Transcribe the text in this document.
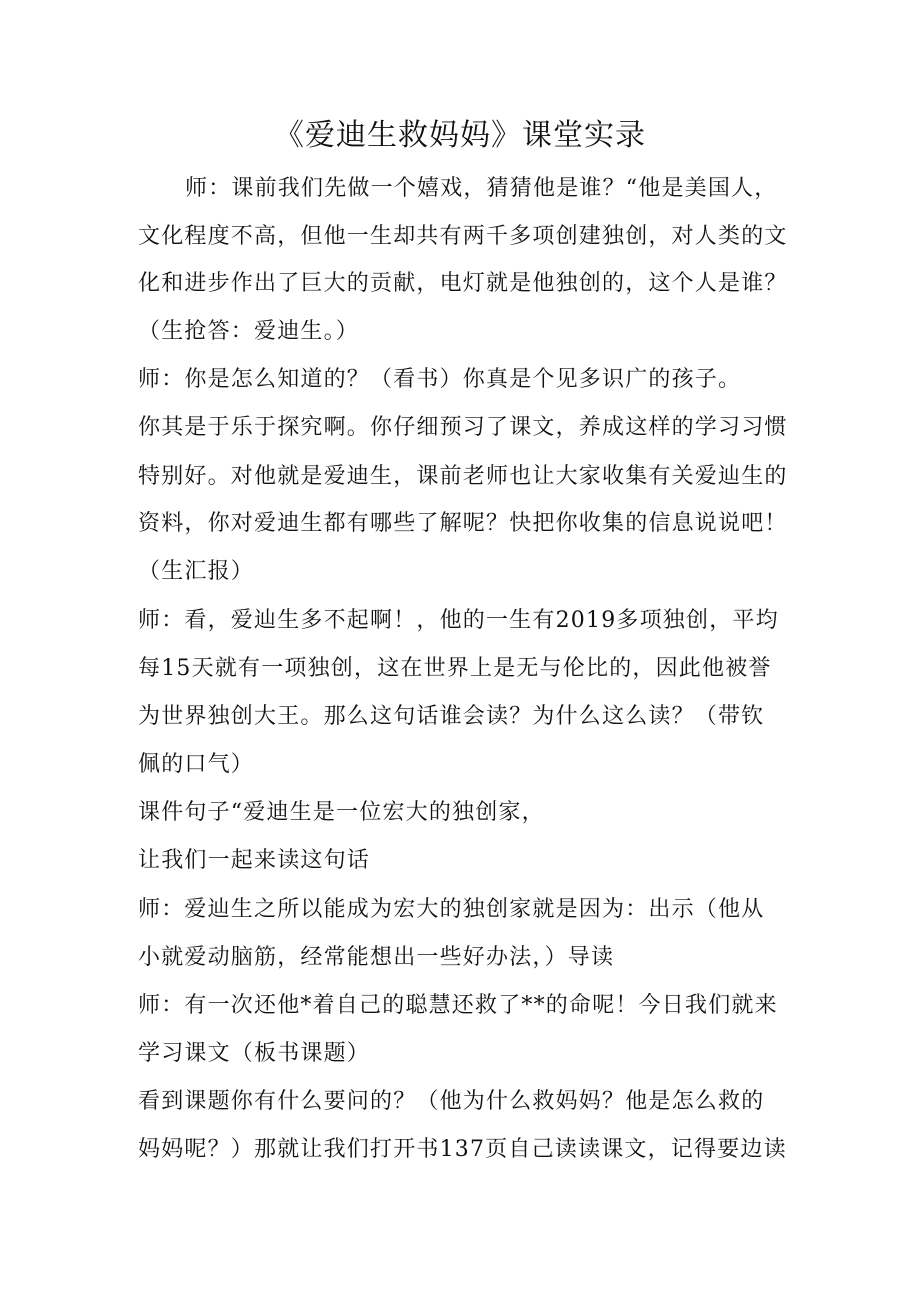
《爱迪生救妈妈》课堂实录
师：课前我们先做一个嬉戏，猜猜他是谁？“他是美国人，
文化程度不高，但他一生却共有两千多项创建独创，对人类的文
化和进步作出了巨大的贡献，电灯就是他独创的，这个人是谁？
（生抢答：爱迪生。）
师：你是怎么知道的？（看书）你真是个见多识广的孩子。
你其是于乐于探究啊。你仔细预习了课文，养成这样的学习习惯
特别好。对他就是爱迪生，课前老师也让大家收集有关爱辿生的
资料，你对爱迪生都有哪些了解呢？快把你收集的信息说说吧！
（生汇报）
师：看，爱辿生多不起啊！，他的一生有2019多项独创，平均
每15天就有一项独创，这在世界上是无与伦比的，因此他被誉
为世界独创大王。那么这句话谁会读？为什么这么读？（带钦
佩的口气）
课件句子“爱迪生是一位宏大的独创家，
让我们一起来读这句话
师：爱辿生之所以能成为宏大的独创家就是因为：出示（他从
小就爱动脑筋，经常能想出一些好办法，）导读
师：有一次还他*着自己的聪慧还救了**的命呢！今日我们就来
学习课文（板书课题）
看到课题你有什么要问的？（他为什么救妈妈？他是怎么救的
妈妈呢？）那就让我们打开书137页自己读读课文，记得要边读
